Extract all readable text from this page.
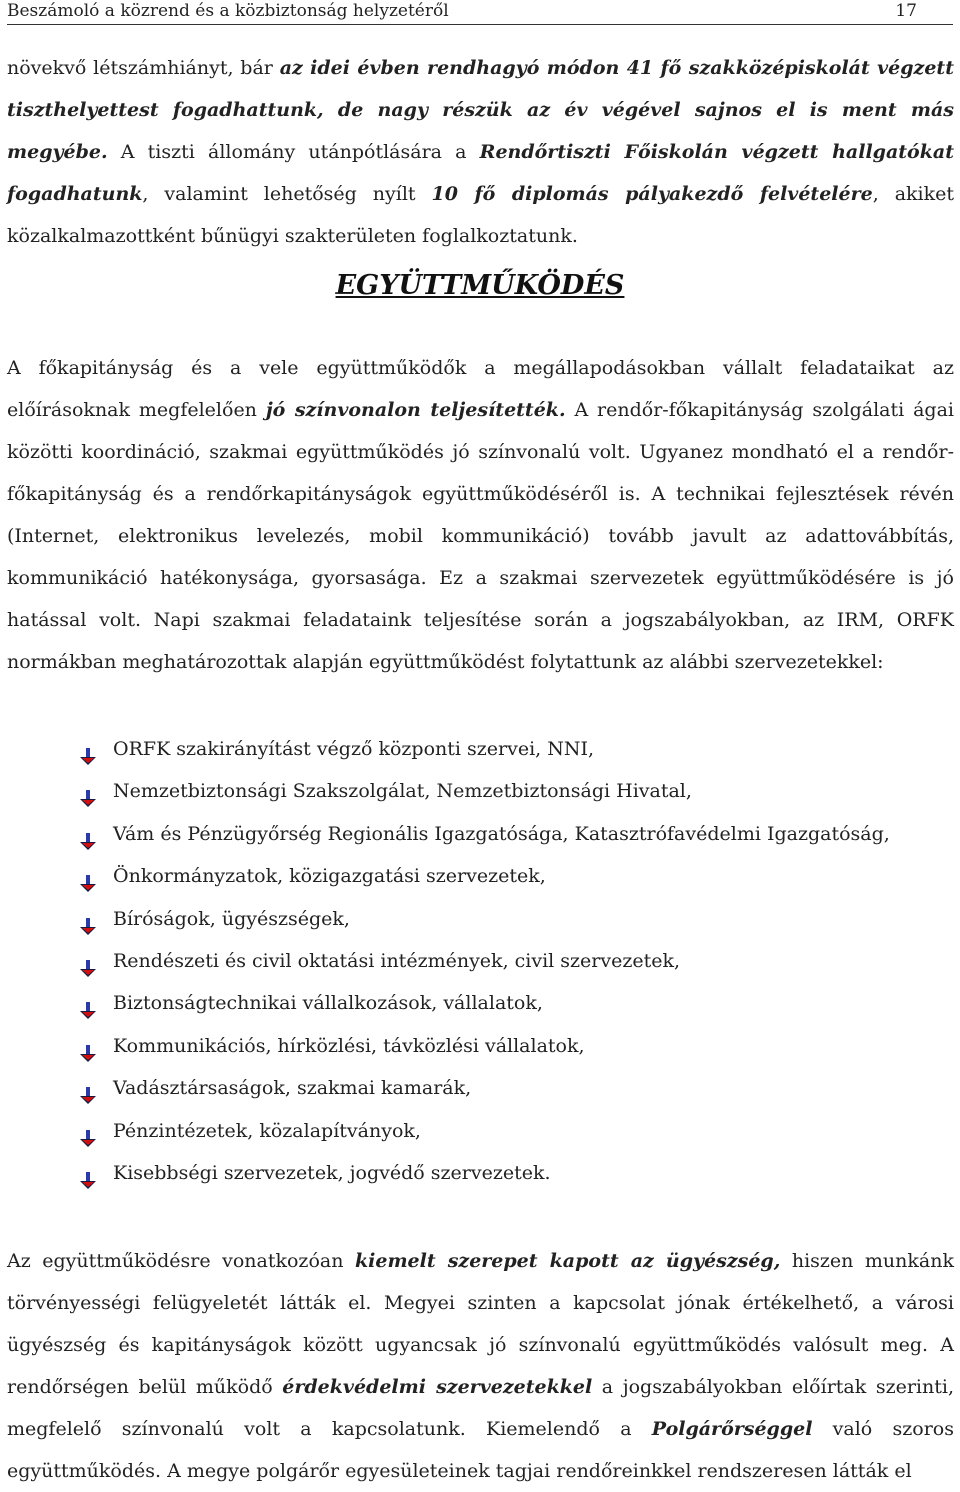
Beszámoló a közrend és a közbiztonság helyzetéről	17
növekvő létszámhiányt, bár az idei évben rendhagyó módon 41 fő szakközépiskolát végzett tiszthelyettest fogadhattunk, de nagy részük az év végével sajnos el is ment más megyébe. A tiszti állomány utánpótlására a Rendőrtiszti Főiskolán végzett hallgatókat fogadhatunk, valamint lehetőség nyílt 10 fő diplomás pályakezdő felvételére, akiket közalkalmazottként bűnügyi szakterületen foglalkoztatunk.
EGYÜTTMŰKÖDÉS
A főkapitányság és a vele együttműködők a megállapodásokban vállalt feladataikat az előírásoknak megfelelően jó színvonalon teljesítették. A rendőr-főkapitányság szolgálati ágai közötti koordináció, szakmai együttműködés jó színvonalú volt. Ugyanez mondható el a rendőr-főkapitányság és a rendőrkapitányságok együttműködéséről is. A technikai fejlesztések révén (Internet, elektronikus levelezés, mobil kommunikáció) tovább javult az adattovábbítás, kommunikáció hatékonysága, gyorsasága. Ez a szakmai szervezetek együttműködésére is jó hatással volt. Napi szakmai feladataink teljesítése során a jogszabályokban, az IRM, ORFK normákban meghatározottak alapján együttműködést folytattunk az alábbi szervezetekkel:
ORFK szakirányítást végző központi szervei, NNI,
Nemzetbiztonsági Szakszolgálat, Nemzetbiztonsági Hivatal,
Vám és Pénzügyőrség Regionális Igazgatósága, Katasztrófavédelmi Igazgatóság,
Önkormányzatok, közigazgatási szervezetek,
Bíróságok, ügyészségek,
Rendészeti és civil oktatási intézmények, civil szervezetek,
Biztonságtechnikai vállalkozások, vállalatok,
Kommunikációs, hírközlési, távközlési vállalatok,
Vadásztársaságok, szakmai kamarák,
Pénzintézetek, közalapítványok,
Kisebbségi szervezetek, jogvédő szervezetek.
Az együttműködésre vonatkozóan kiemelt szerepet kapott az ügyészség, hiszen munkánk törvényességi felügyeletét látták el. Megyei szinten a kapcsolat jónak értékelhető, a városi ügyészség és kapitányságok között ugyancsak jó színvonalú együttműködés valósult meg. A rendőrségen belül működő érdekvédelmi szervezetekkel a jogszabályokban előírtak szerinti, megfelelő színvonalú volt a kapcsolatunk. Kiemelendő a Polgárőrséggel való szoros együttműködés. A megye polgárőr egyesületeinek tagjai rendőreinkkel rendszeresen látták el
